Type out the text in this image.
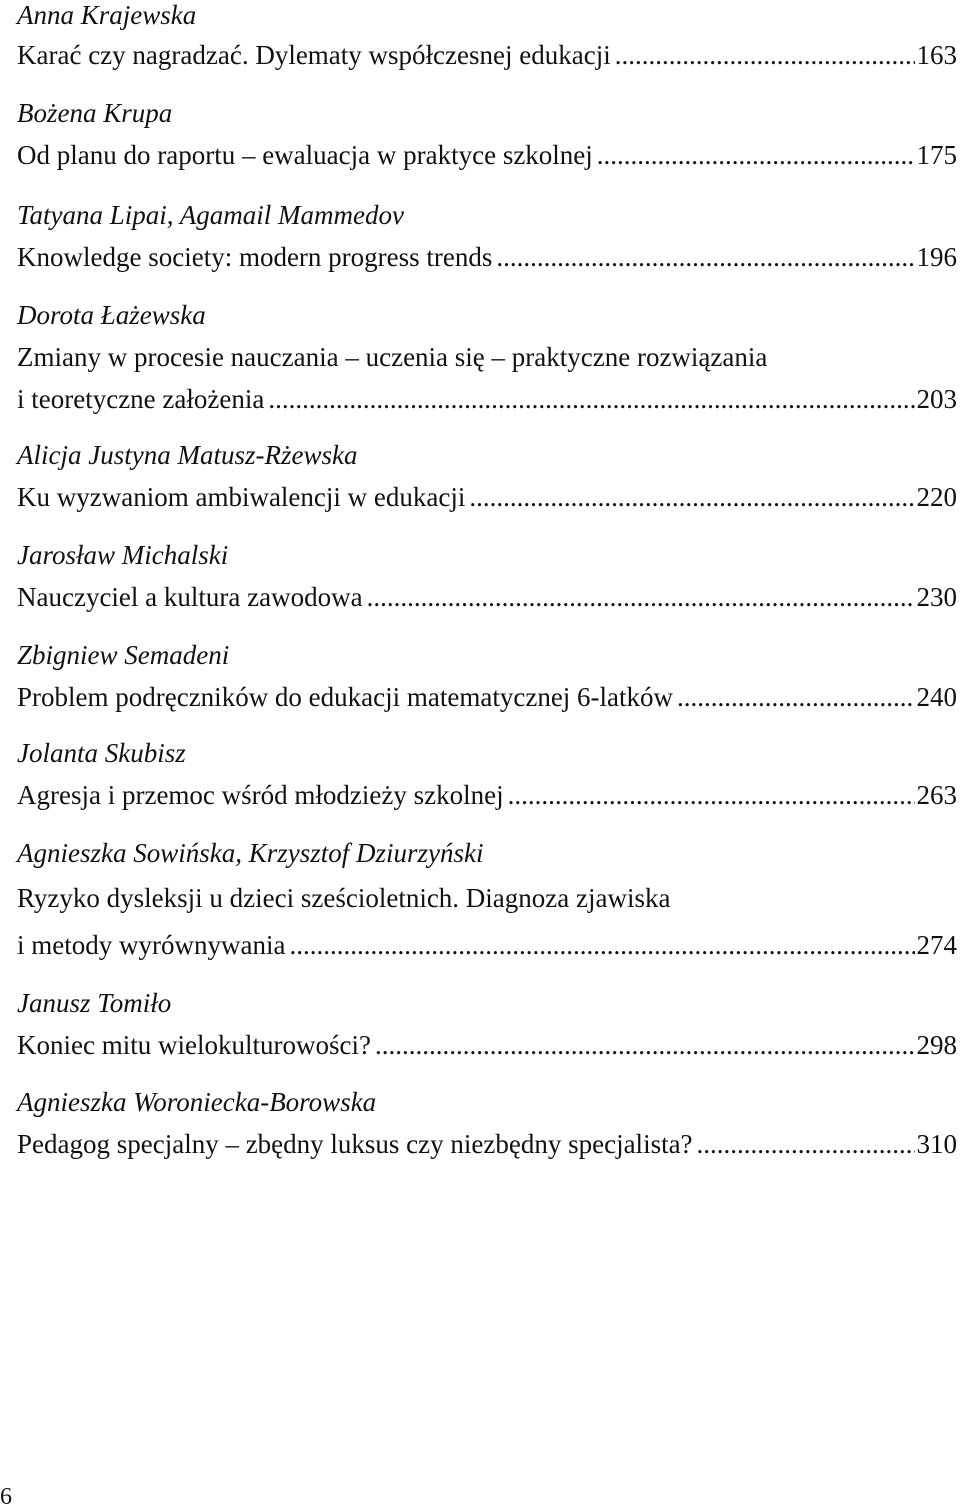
Anna Krajewska
Karać czy nagradzać. Dylematy współczesnej edukacji .....	163
Bożena Krupa
Od planu do raportu – ewaluacja w praktyce szkolnej .....	175
Tatyana Lipai, Agamail Mammedov
Knowledge society: modern progress trends .....	196
Dorota Łażewska
Zmiany w procesie nauczania – uczenia się – praktyczne rozwiązania
i teoretyczne założenia .....	203
Alicja Justyna Matusz-Rżewska
Ku wyzwaniom ambiwalencji w edukacji .....	220
Jarosław Michalski
Nauczyciel a kultura zawodowa .....	230
Zbigniew Semadeni
Problem podręczników do edukacji matematycznej 6-latków .....	240
Jolanta Skubisz
Agresja i przemoc wśród młodzieży szkolnej .....	263
Agnieszka Sowińska, Krzysztof Dziurzyński
Ryzyko dysleksji u dzieci sześcioletnich. Diagnoza zjawiska
i metody wyrównywania .....	274
Janusz Tomiło
Koniec mitu wielokulturowości? .....	298
Agnieszka Woroniecka-Borowska
Pedagog specjalny – zbędny luksus czy niezbędny specjalista? .....	310
6
